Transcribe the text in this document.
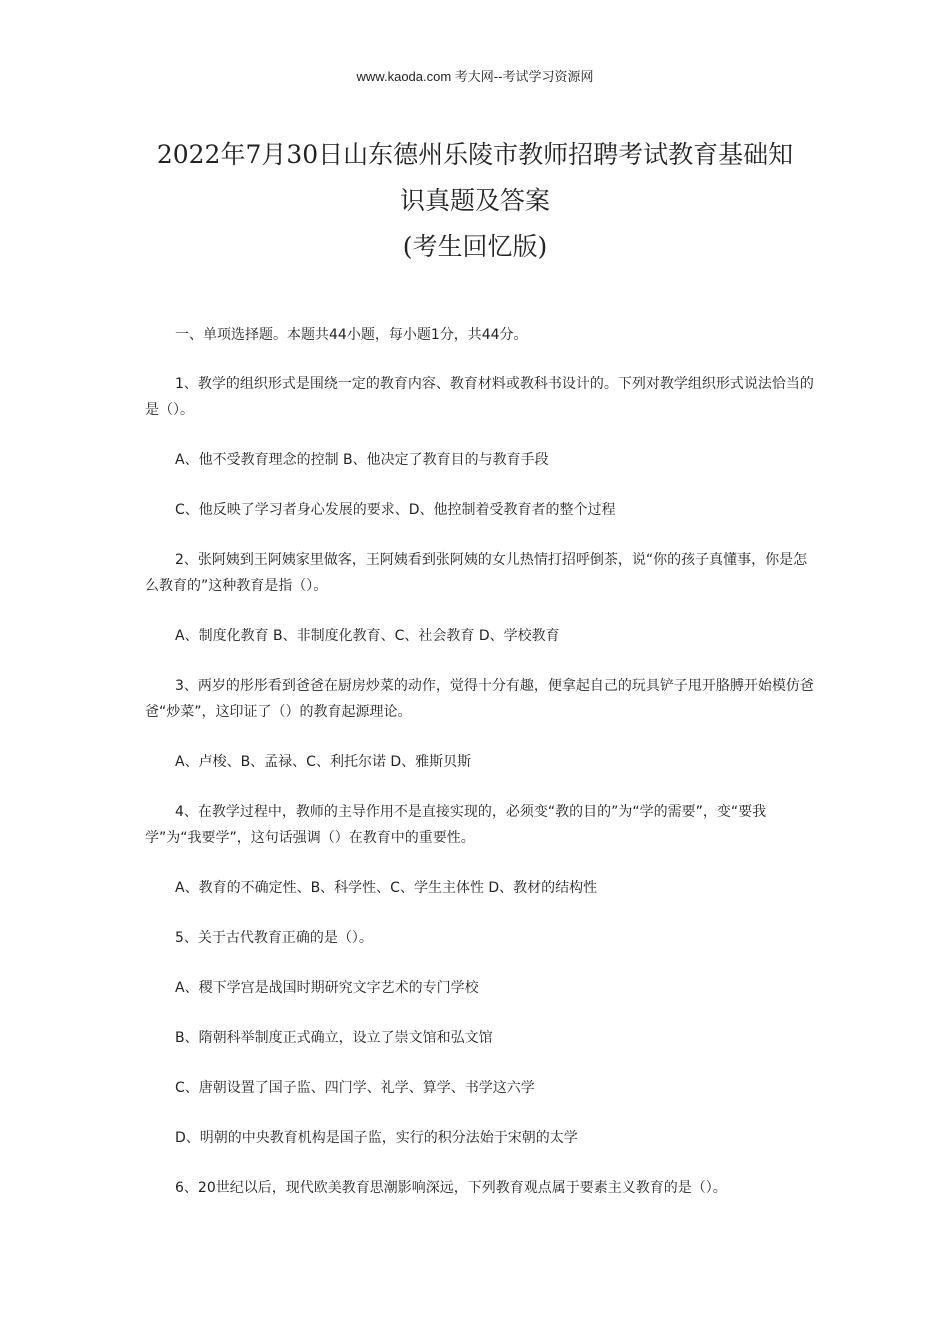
www.kaoda.com 考大网--考试学习资源网
2022年7月30日山东德州乐陵市教师招聘考试教育基础知
识真题及答案
(考生回忆版)

一、单项选择题。本题共44小题，每小题1分，共44分。

1、教学的组织形式是围绕一定的教育内容、教育材料或教科书设计的。下列对教学组织形式说法恰当的是（）。

A、他不受教育理念的控制 B、他决定了教育目的与教育手段

C、他反映了学习者身心发展的要求、D、他控制着受教育者的整个过程

2、张阿姨到王阿姨家里做客，王阿姨看到张阿姨的女儿热情打招呼倒茶，说“你的孩子真懂事，你是怎么教育的”这种教育是指（）。

A、制度化教育 B、非制度化教育、C、社会教育 D、学校教育

3、两岁的彤彤看到爸爸在厨房炒菜的动作，觉得十分有趣，便拿起自己的玩具铲子甩开胳膊开始模仿爸爸“炒菜”，这印证了（）的教育起源理论。

A、卢梭、B、孟禄、C、利托尔诺 D、雅斯贝斯

4、在教学过程中，教师的主导作用不是直接实现的，必须变“教的目的”为“学的需要”，变“要我学”为“我要学”，这句话强调（）在教育中的重要性。

A、教育的不确定性、B、科学性、C、学生主体性 D、教材的结构性

5、关于古代教育正确的是（）。

A、稷下学宫是战国时期研究文字艺术的专门学校

B、隋朝科举制度正式确立，设立了崇文馆和弘文馆

C、唐朝设置了国子监、四门学、礼学、算学、书学这六学

D、明朝的中央教育机构是国子监，实行的积分法始于宋朝的太学

6、20世纪以后，现代欧美教育思潮影响深远，下列教育观点属于要素主义教育的是（）。
